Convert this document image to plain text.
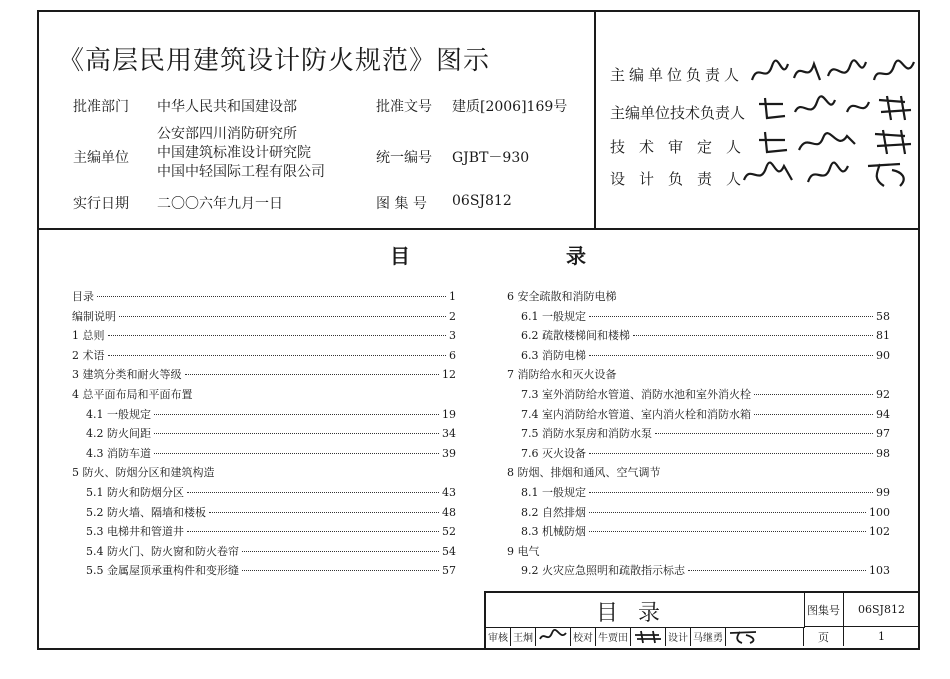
《高层民用建筑设计防火规范》图示
批准部门 中华人民共和国建设部	批准文号 建质[2006]169号
主编单位
公安部四川消防研究所
中国建筑标准设计研究院
中国中轻国际工程有限公司
统一编号 GJBT－930
实行日期 二〇〇六年九月一日	图 集 号 06SJ812
主编单位负责人
主编单位技术负责人
技术审定人
设计负责人
目	录
目录	1
编制说明	2
1 总则	3
2 术语	6
3 建筑分类和耐火等级	12
4 总平面布局和平面布置
4.1 一般规定	19
4.2 防火间距	34
4.3 消防车道	39
5 防火、防烟分区和建筑构造
5.1 防火和防烟分区	43
5.2 防火墙、隔墙和楼板	48
5.3 电梯井和管道井	52
5.4 防火门、防火窗和防火卷帘	54
5.5 金属屋顶承重构件和变形缝	57
6 安全疏散和消防电梯
6.1 一般规定	58
6.2 疏散楼梯间和楼梯	81
6.3 消防电梯	90
7 消防给水和灭火设备
7.3 室外消防给水管道、消防水池和室外消火栓	92
7.4 室内消防给水管道、室内消火栓和消防水箱	94
7.5 消防水泵房和消防水泵	97
7.6 灭火设备	98
8 防烟、排烟和通风、空气调节
8.1 一般规定	99
8.2 自然排烟	100
8.3 机械防烟	102
9 电气
9.2 火灾应急照明和疏散指示标志	103
目录	图集号	06SJ812
审核 王炯	校对 牛贾田	设计 马继勇	页	1
